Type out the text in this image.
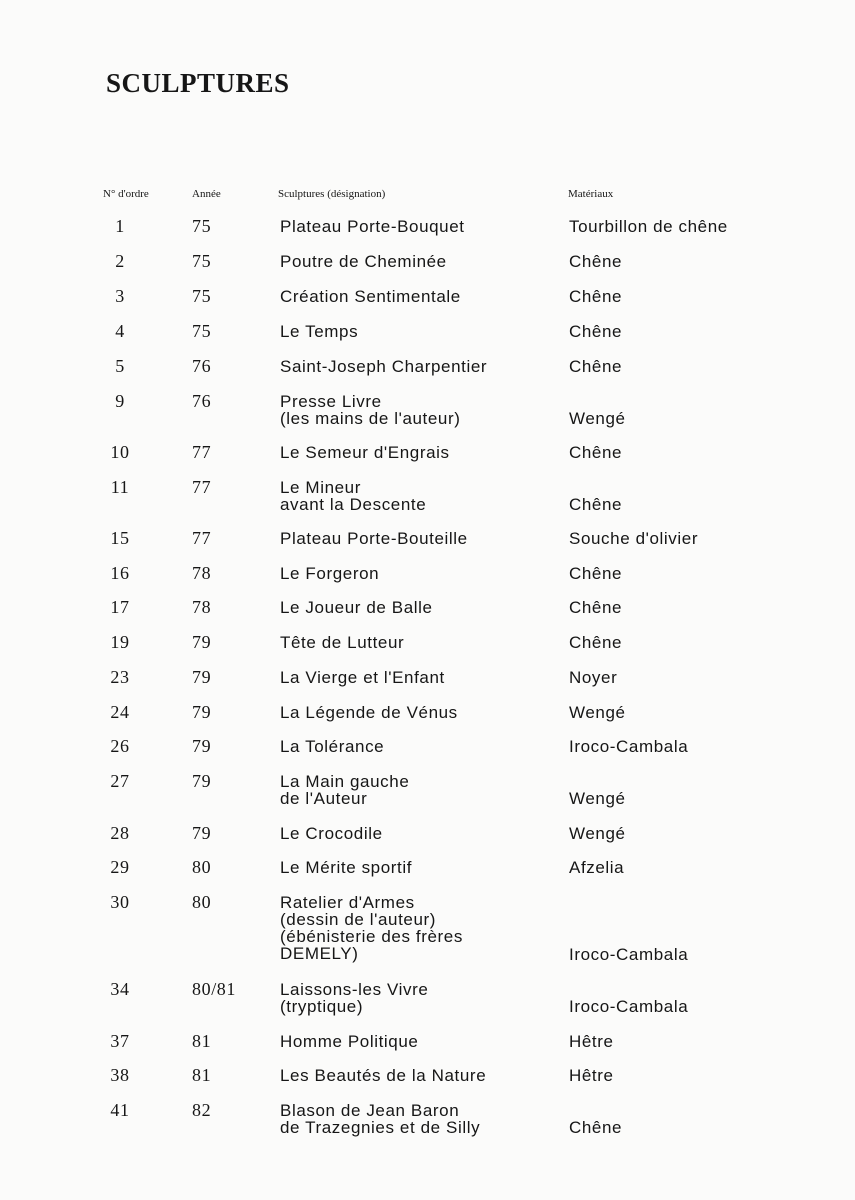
SCULPTURES
N° d'ordre	Année	Sculptures (désignation)	Matériaux
1	75	Plateau Porte-Bouquet	Tourbillon de chêne
2	75	Poutre de Cheminée	Chêne
3	75	Création Sentimentale	Chêne
4	75	Le Temps	Chêne
5	76	Saint-Joseph Charpentier	Chêne
9	76	Presse Livre
(les mains de l'auteur)	Wengé
10	77	Le Semeur d'Engrais	Chêne
11	77	Le Mineur
avant la Descente	Chêne
15	77	Plateau Porte-Bouteille	Souche d'olivier
16	78	Le Forgeron	Chêne
17	78	Le Joueur de Balle	Chêne
19	79	Tête de Lutteur	Chêne
23	79	La Vierge et l'Enfant	Noyer
24	79	La Légende de Vénus	Wengé
26	79	La Tolérance	Iroco-Cambala
27	79	La Main gauche
de l'Auteur	Wengé
28	79	Le Crocodile	Wengé
29	80	Le Mérite sportif	Afzelia
30	80	Ratelier d'Armes
(dessin de l'auteur)
(ébénisterie des frères
DEMELY)	Iroco-Cambala
34	80/81	Laissons-les Vivre
(tryptique)	Iroco-Cambala
37	81	Homme Politique	Hêtre
38	81	Les Beautés de la Nature	Hêtre
41	82	Blason de Jean Baron
de Trazegnies et de Silly	Chêne
